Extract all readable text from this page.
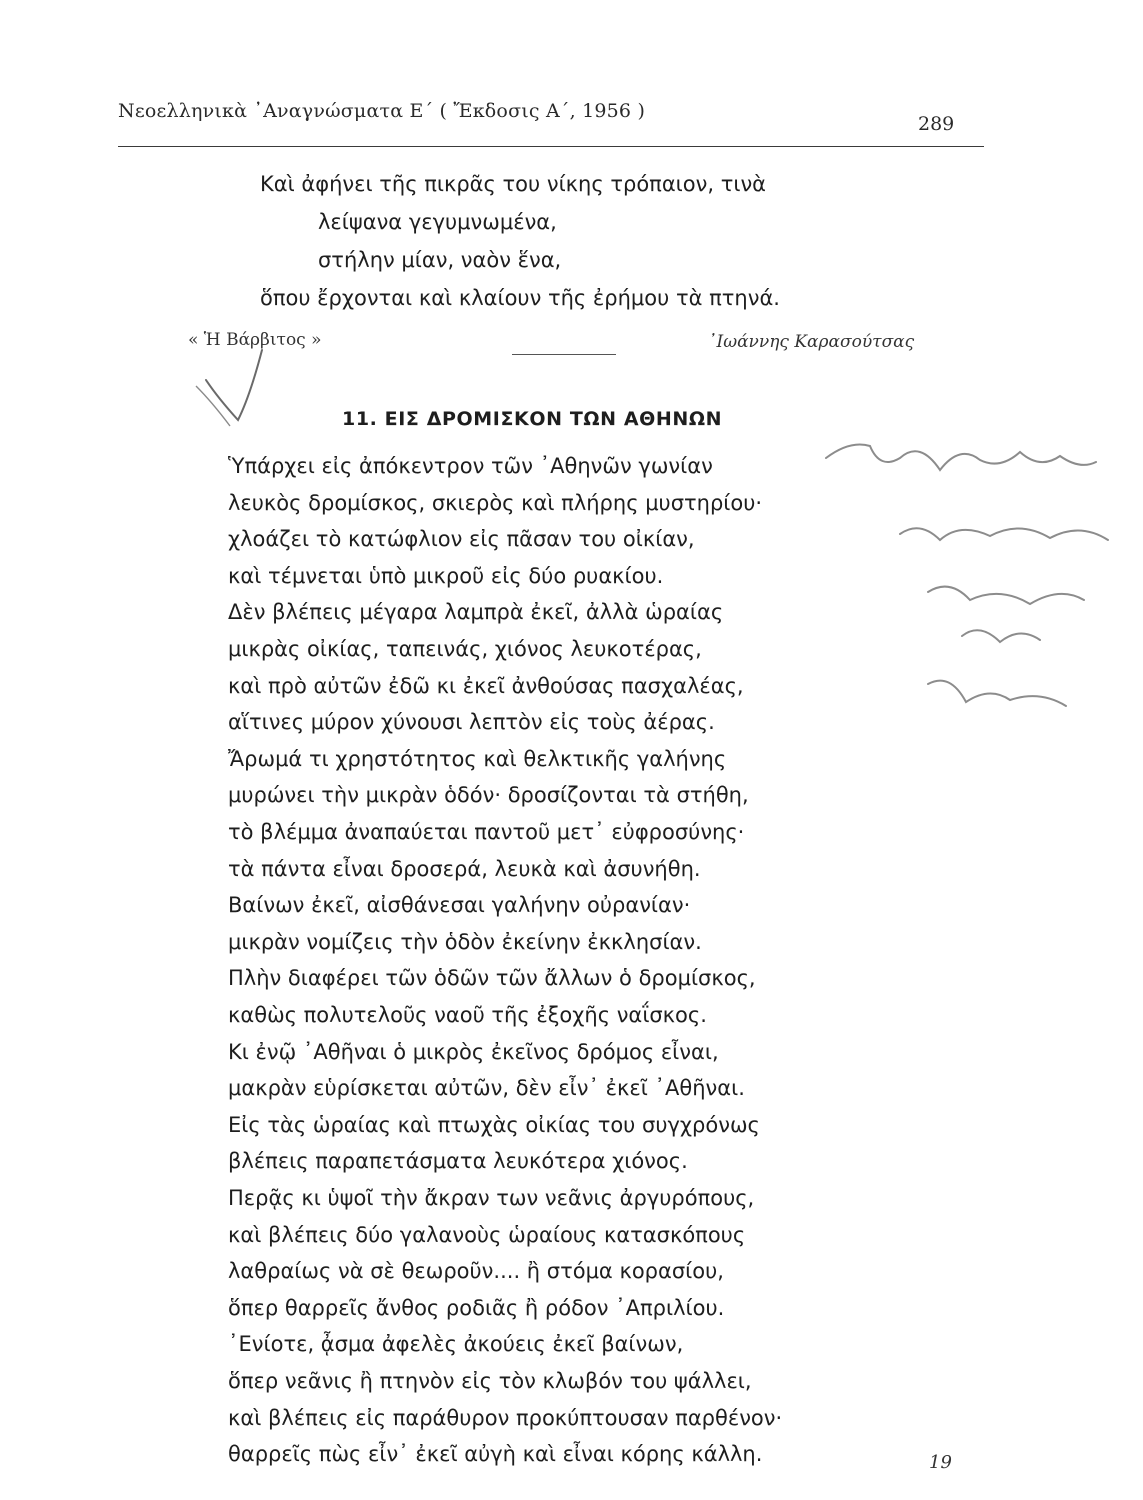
Νεοελληνικὰ ᾿Αναγνώσματα Ε΄ ( Ἔκδοσις Α΄, 1956 )
289
Καὶ ἀφήνει τῆς πικρᾶς του νίκης τρόπαιον, τινὰ
λείψανα γεγυμνωμένα,
στήλην μίαν, ναὸν ἕνα,
ὅπου ἔρχονται καὶ κλαίουν τῆς ἐρήμου τὰ πτηνά.
« Ἡ Βάρβιτος »	᾿Ιωάννης Καρασούτσας
11. ΕΙΣ ΔΡΟΜΙΣΚΟΝ ΤΩΝ ΑΘΗΝΩΝ
Ὑπάρχει εἰς ἀπόκεντρον τῶν ᾿Αθηνῶν γωνίαν
λευκὸς δρομίσκος, σκιερὸς καὶ πλήρης μυστηρίου·
χλοάζει τὸ κατώφλιον εἰς πᾶσαν του οἰκίαν,
καὶ τέμνεται ὑπὸ μικροῦ εἰς δύο ρυακίου.
Δὲν βλέπεις μέγαρα λαμπρὰ ἐκεῖ, ἀλλὰ ὡραίας
μικρὰς οἰκίας, ταπεινάς, χιόνος λευκοτέρας,
καὶ πρὸ αὐτῶν ἐδῶ κι ἐκεῖ ἀνθούσας πασχαλέας,
αἵτινες μύρον χύνουσι λεπτὸν εἰς τοὺς ἀέρας.
Ἄρωμά τι χρηστότητος καὶ θελκτικῆς γαλήνης
μυρώνει τὴν μικρὰν ὁδόν· δροσίζονται τὰ στήθη,
τὸ βλέμμα ἀναπαύεται παντοῦ μετ᾿ εὐφροσύνης·
τὰ πάντα εἶναι δροσερά, λευκὰ καὶ ἀσυνήθη.
Βαίνων ἐκεῖ, αἰσθάνεσαι γαλήνην οὐρανίαν·
μικρὰν νομίζεις τὴν ὁδὸν ἐκείνην ἐκκλησίαν.
Πλὴν διαφέρει τῶν ὁδῶν τῶν ἄλλων ὁ δρομίσκος,
καθὼς πολυτελοῦς ναοῦ τῆς ἐξοχῆς ναΐσκος.
Κι ἐνῷ ᾿Αθῆναι ὁ μικρὸς ἐκεῖνος δρόμος εἶναι,
μακρὰν εὑρίσκεται αὐτῶν, δὲν εἶν᾿ ἐκεῖ ᾿Αθῆναι.
Εἰς τὰς ὡραίας καὶ πτωχὰς οἰκίας του συγχρόνως
βλέπεις παραπετάσματα λευκότερα χιόνος.
Περᾷς κι ὑψοῖ τὴν ἄκραν των νεᾶνις ἀργυρόπους,
καὶ βλέπεις δύο γαλανοὺς ὡραίους κατασκόπους
λαθραίως νὰ σὲ θεωροῦν.... ἢ στόμα κορασίου,
ὅπερ θαρρεῖς ἄνθος ροδιᾶς ἢ ρόδον ᾿Απριλίου.
᾿Ενίοτε, ᾆσμα ἀφελὲς ἀκούεις ἐκεῖ βαίνων,
ὅπερ νεᾶνις ἢ πτηνὸν εἰς τὸν κλωβόν του ψάλλει,
καὶ βλέπεις εἰς παράθυρον προκύπτουσαν παρθένον·
θαρρεῖς πὼς εἶν᾿ ἐκεῖ αὐγὴ καὶ εἶναι κόρης κάλλη.	19
